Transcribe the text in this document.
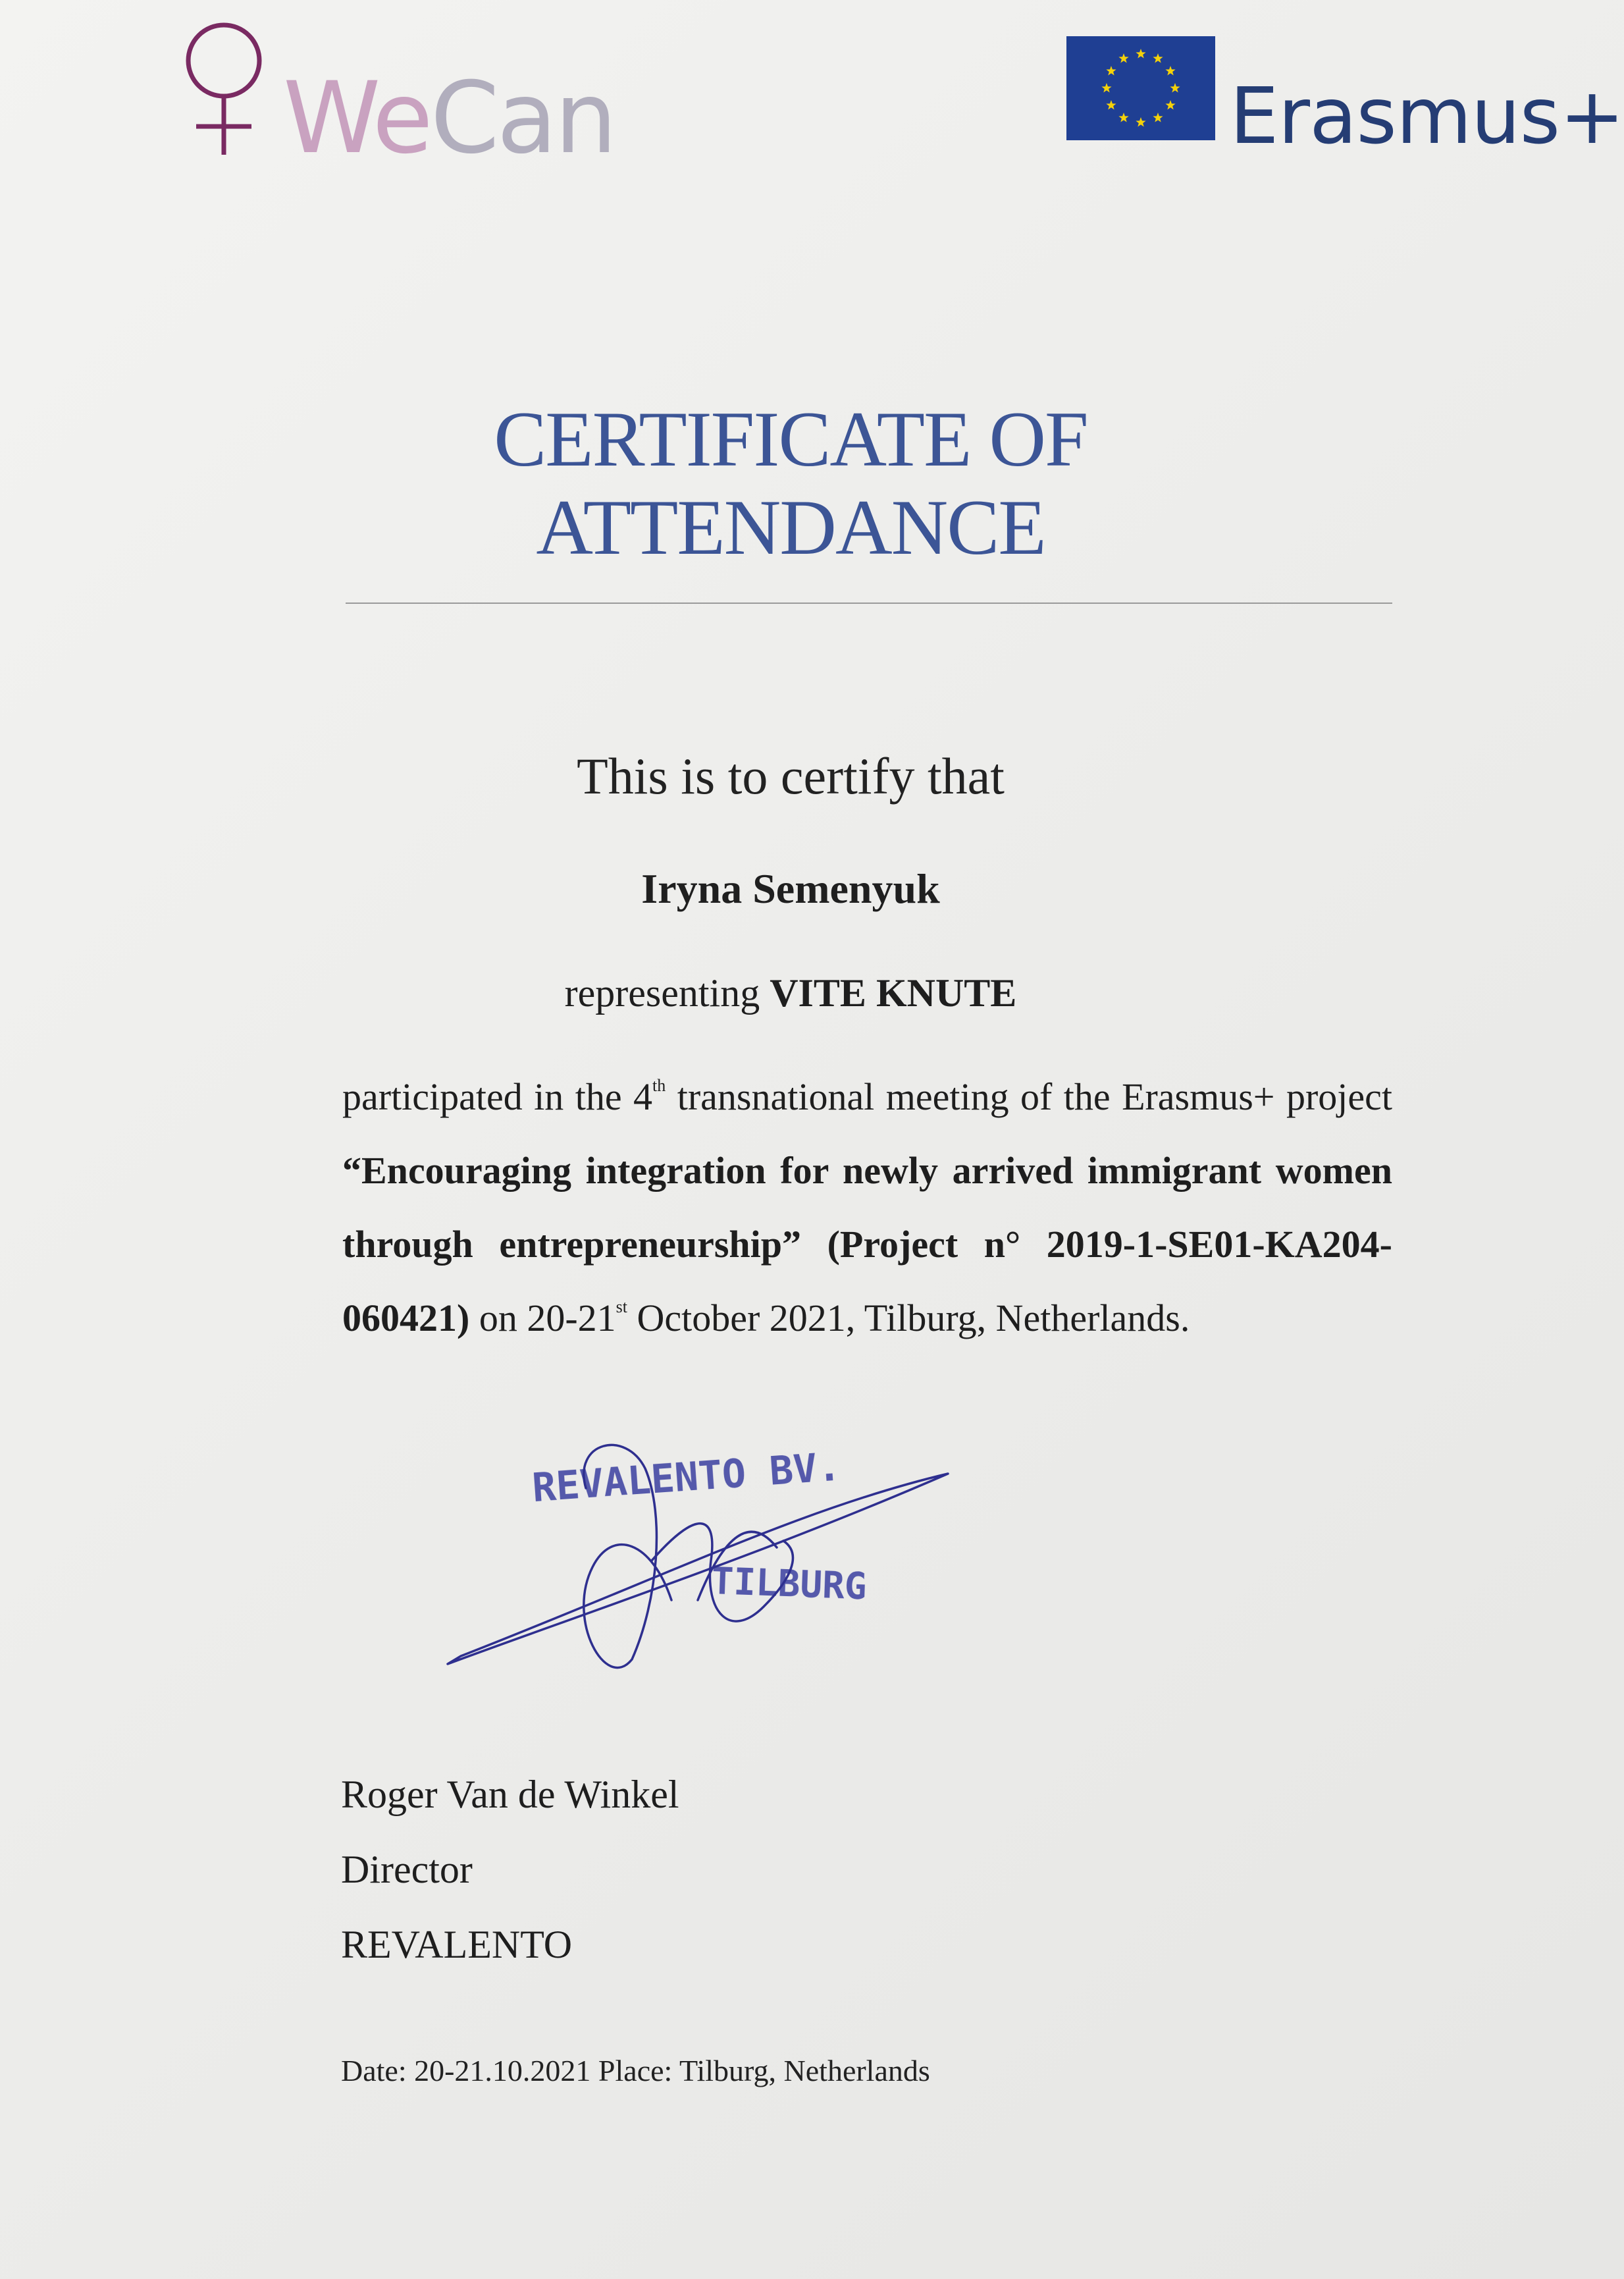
WeCan	Erasmus+
CERTIFICATE OF
ATTENDANCE
This is to certify that
Iryna Semenyuk
representing VITE KNUTE
participated in the 4th transnational meeting of the Erasmus+ project “Encouraging integration for newly arrived immigrant women through entrepreneurship” (Project n° 2019-1-SE01-KA204-060421) on 20-21st October 2021, Tilburg, Netherlands.
REVALENTO BV.
TILBURG
Roger Van de Winkel
Director
REVALENTO
Date: 20-21.10.2021 Place: Tilburg, Netherlands
